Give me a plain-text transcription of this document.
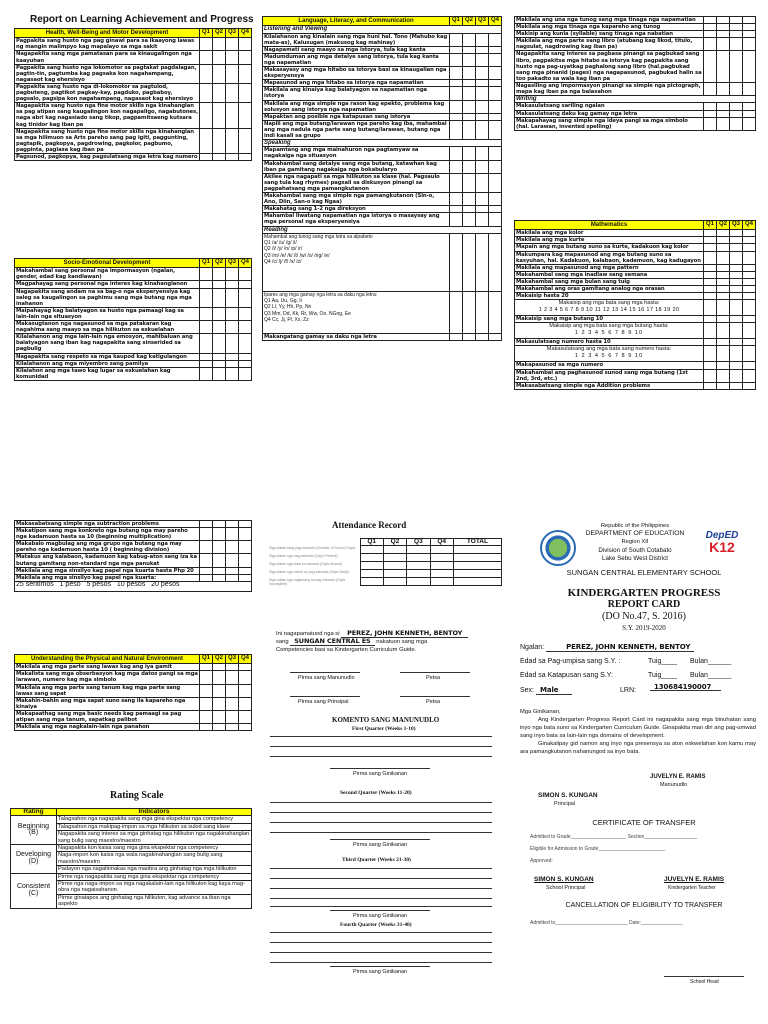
Report on Learning Achievement and Progress
Health, Well-Being and Motor Development	Q1	Q2	Q3	Q4
Pagpakita sang husto nga pag ginawi para sa ikaayong lawas ng mangin malimpyo kag mapalayo sa mga sakit				
Nagapakita sang mga pamatasan para sa kinaugalingon nga kaayuhan				
Pagpakita sang husto nga lokomotor sa pagtakat pagdalagan, pagtin-tin, pagtumba kag pagsaka kon nagahampang, nagasaot kag ehersisyo				
Pagpakita sang husto nga di-lokomotor sa pagtulod, pagbuteng, pagtikot pagkay-kay, pagduko, pagbaboy, pagsalo, pagsipa kon nagahampang, nagasaot kag ehersisyo				
Nagapakita sang husto nga fine motor skills nga kinahanglan sa pag atipan sang kaugalingon kon nagapaligo, nagabutones, naga abri kag nagasiado sang tikop, pagpamitsaeng kutsara kag tinidor kag iban pa				
Nagapakita sang husto nga fine motor skills nga kinahanglan sa mga hilimuon sa Arts pareho sang pag igiti, paggunting, pagtapik, pagkopya, pagdrowing, pagkolor, pagbumo, pagpinta, paglasa kag iban pa				
Pagsunod, pagkopya, kag pagsulatsang mga letra kag numero				
Socio-Emotional Development	Q1	Q2	Q3	Q4
Makahambal sang personal nga impormasyon (ngalan, gender, edad kag kandlawan)				
Magpahayag sang personal nga interes kag kinahanglanon				
Nagapakita sang andam na sa bag-o nga eksperyensiya kag saleg sa kaugalingon sa paghimu sang mga butang nga mga inahanon				
Maipahayag kag balatyagon sa husto nga pamaagi kag sa lain-lain nga situasyon				
Makasugtanon nga nagasunod sa mga patakaran kag nagahima sang maayo sa mga hilikuton sa eskuelahan				
Kilalahanon ang mga lain-lain nga emosyon, mahibaluan ang balatyagon sang iban kag nagapakita sang sinserided sa pagbulig				
Nagapakita sang respeto sa mga kaupod kag katigulangon				
Kilalahanon ang mga miyembro sang pamilya				
Kilalahon ang mga tawo kag lugar sa eskuelahan kag komunidad				
Language, Literacy, and Communication	Q1	Q2	Q3	Q4
Listening and Viewing				
Kilalahanon ang kinalain sang mga huni hal. Tono (Mahubo kag mata-as), Kalusugan (makusog kag mahinay)				
Nagapamati sang maayo sa mga istorya, tula kag kanta				
Madumduman ang mga detalye sang istorya, tula kag kanta nga napamatian				
Makasayasy ang mga hitabo sa istorya basi sa kinaugalian nga eksperyensya				
Mapasunod ang mga hitabo sa istorya nga napamatian				
Makilala ang kinaiya kag balatyagon sa napamatian nga istorya				
Makilala ang mga simple nga rason kag epekto, problema kag solusyon sang istorya nga napamatian				
Mapaktan ang posible nga katapusan sang istorya				
Napili ang mga butang/larawan nga pareho kag iba, mahambal ang mga nadula nga parte sang butang/larawan, butang nga indi kasali sa grupo				
Speaking				
Mapamtang ang mga mainahuron nga pagtamyaw sa nagakaiga nga situasyon				
Makahambal sang detalye sang mga butang, katawhan kag iban pa gamitang nagakaiga nga bokabularyo				
Akilee nga nagapati sa mga hilikuton sa klase (hal. Pagsaulo sang tula kag rhymes) pagsali sa diskusyon pinangi sa pagpahatsang mga pamangkutanon				
Makahambal sang mga simple nga pamangkutanon (Sin-o, Ano, Diin, San-o kag Ngaa)				
Makahatag sang 1-2 nga direksyon				
Mahambal liwatang napamatian nga istorya o masaysay ang mga personal nga eksperyensiya				
Reading				

Mahambal ang tunog sang mga letra sa alpabeto
Q1 /a/ /u/ /g/ /i/
Q2 /l/ /y/ /n/ /p/ /r/
Q3 /m/ /e/ /k/ /t/ /w/ /o/ /ng/ /e/
Q4 /c/ /j/ /f/ /x/ /z/				

Ipares ang mga gamay nga letra sa daku nga letra:
Q1 Aa, Uu, Gg, Ii
Q2 Ll, Yy, Hh, Pp, Nn
Q3 Mm, Dd, Kk, Rr, Ww, Oo, NGng, Ee
Q4 Cc, Jj, Ff, Xx, Zz				

Makangatang gamay sa daku nga letra				
Makilala ang una nga tunog sang mga tinaga nga napamatian				
Makilala ang mga tinaga nga kapareho ang tunog				
Makisip ang kunla (syllable) sang tinaga nga nabatian				
Makilala ang mga parte sang libro (atubang kag likod, titulo, nagsulat, nagdrowing kag iban pa)				
Nagapakita sang interes sa pagbasa pinangi sa pagbukad sang libro, pagpakitsa mga hitabo sa istorya kag pagpakita sang husto nga pag-uyatkag paghalong sang libro (hal.pagbukad sang mga pinanid (pages) nga nagapasunod, pagbukad halin sa too pakadto sa wala kag iban pa				
Nagasiling ang impormasyon pinangi sa simple nga pictograph, mapa kag iban pa nga balasahon				
Writing				
Makasulatsang sariling ngalan				
Makasulatsang daku kag gamay nga letra				
Makapahayag sang simple nga ideya pangi sa mga simbolo (hal. Larawan, invented spelling)				
Mathematics	Q1	Q2	Q3	Q4
Makilala ang mga kolor				
Makilala ang mga kurte				
Mapain ang mga butang suno sa kurte, kadakuon kag kolor				
Makumpara kag mapasunod ang mga butang suno sa kasyuhan, hal. Kadakuon, kalabaon, kadamuon, kag kadugayon				
Makilala ang mapasunod ang mga pattern				
Makahambal sang mga inadlaw sang semana				
Makahambal sang mga bulan sang tuig				
Makahambal ang oras gamitang analog nga orasan				
Makaisip hasta 20				

Makaisip ang mga bata sang mga hasta:
1 2 3 4 5 6 7 8 9 10 11 12 13 14 15 16 17 18 19 20				

Makaisip sang mga butang 10				

Makaisip ang mga bata sang mga butang hasta:
1 2 3 4 5 6 7 8 9 10				

Makasulatsang numero hasta 10				

Makasulatsang ang mga bata sang numero hasta:
1 2 3 4 5 6 7 8 9 10				

Makapasunod sa mga numero				
Makahambal ang paghasunod sunod sang mga butang (1st 2nd, 3rd, etc.)				
Makasabatsang simple nga Addition problems				
Makasabatsang simple nga subtraction problems				
Makatipon sang mga konkreto nga butang nga may pareho nga kadamuon hasta sa 10 (beginning multiplication)				
Makabalo magbulag ang mga grupo nga butang nga may pareho nga kadamuon hasta 10 ( beginning division)				
Matakus ang kalabaon, kadamuon kag kabug-aton sang iza ka butang gamitang non-standard nga mga panukat				
Makilala ang mga sinsilyo kag papel nga kuarta hasta Php 20				
Makilala ang mga sinsilyo kag papel nga kuarta:				
25 sentimos 1 peso 5 pesos 10 pesos 20 pesos				
Understanding the Physical and Natural Environment	Q1	Q2	Q3	Q4
Makilala ang mga parte sang lawas kag ang iya gamit				
Makalista sang mga obserbasyon kag mga datos pangi sa mga larawan, numero kag mga simbolo				
Makilala ang mga parte sang tanum kag mga parte sang lawas sang sapat				
Makahin-bahin ang mga sapat suno sang ila kapareho nga kinaiya				
Makapaathag sang mga basic needs kag pamaagi sa pag atipan sang mga tanum, sapatkag palibot				
Makilala ang mga nagkalain-lain nga panahon				
Rating Scale
Rating	Indicators

Beginning
(B)	Talagsahon nga nagapakita sang mga gina ekspektar nga competency
	Talagsahon nga makipag-impon sa mga hilikuton sa sulod sang klase
	Nagapakita sang interes sa mga ginhatag nga hilikuton nga nagakinahanglan sang bulig sang maestro/maestro

Developing
(D)	Nagapakita kon kaisa sang mga gina ekspektar nga competency
	Naga-impon kon kaisa nga wala nagakinahanglan sang bulig sang maestro/maestro
	Padayon nga nagahimakas nga maobra ang ginhatag nga mga hilikuton

Consistent
(C)	Pirme nga nagapakita sang mga gina ekspektar nga competency
	Pirme nga naga-impon sa mga nagakalain-lain nga hilikuton kag kaya mag-obra nga nagaisahanon.
	Pirme ginatapos ang ginhatag nga hilikuton, kag advance sa iban nga aspekto
Attendance Record
	Q1	Q2	Q3	Q4	TOTAL
Mga adlaw sang pag-eskwela (Number of School Days)					
Mga adlaw nga nag-eskwela (Days Present)					
Mga adlaw nga wala ka eskwela (Days Absent)					
Mga adlaw nga nahuli sa pag-eskwela (Days Tardy)					
Mga adlaw nga nagkulang sa pag-eskwela (Days Incomplete)					
Ini nagapamatuod nga si PEREZ, JOHN KENNETH, BENTOY
sang SUNGAN CENTRAL ES nakatuon sang mga
Competencies basi sa Kindergarten Curriculum Guide.
Pirma sang Manunudlo	Petsa
Pirma sang Prinsipal	Petsa
KOMENTO SANG MANUNUDLO
First Quarter (Weeks 1-10)
Pirma sang Ginikanan
Second Quarter (Weeks 11-20)
Pirma sang Ginikanan
Third Quarter (Weeks 21-30)
Pirma sang Ginikanan
Fourth Quarter (Weeks 31-40)
Pirma sang Ginikanan
DepED
K12
Republic of the Philippines
DEPARTMENT OF EDUCATION
Region XII
Division of South Cotabato
Lake Sebu West District
SUNGAN CENTRAL ELEMENTARY SCHOOL
KINDERGARTEN PROGRESS
REPORT CARD
(DO No.47, S. 2016)
S.Y. 2019-2020
Ngalan:	PEREZ, JOHN KENNETH, BENTOY
Edad sa Pag-umpisa sang S.Y. :	Tuig____ Bulan______
Edad sa Katapusan sang S.Y:	Tuig____ Bulan______
Sex: Male	LRN:	130684190007
Mga Ginikanan,
Ang Kindergarten Progress Report Card ini nagapakita sang mga binuhatan sang inyo nga bata suno sa Kindergarten Curriculum Guide. Ginapakita man diri ang pag-umwad sang inyo bata sa lain-lain nga domains of development.
Ginakalipay gid namon ang inyo nga presensya sa aton eskwelahan kon kamu may ara pamangkutanon nahanungod sa inyo bata.
JUVELYN E. RAMIS
Manunudlo
SIMON S. KUNGAN
Principal
CERTIFICATE OF TRANSFER
Admitted to Grade____________________ Section___________________
Eligible for Admission to Grade________________________
Approved:
SIMON S. KUNGAN
School Principal
JUVELYN E. RAMIS
Kindergarten Teacher
CANCELLATION OF ELIGIBILITY TO TRANSFER
Admitted to__________________________ Date:_______________
School Head
